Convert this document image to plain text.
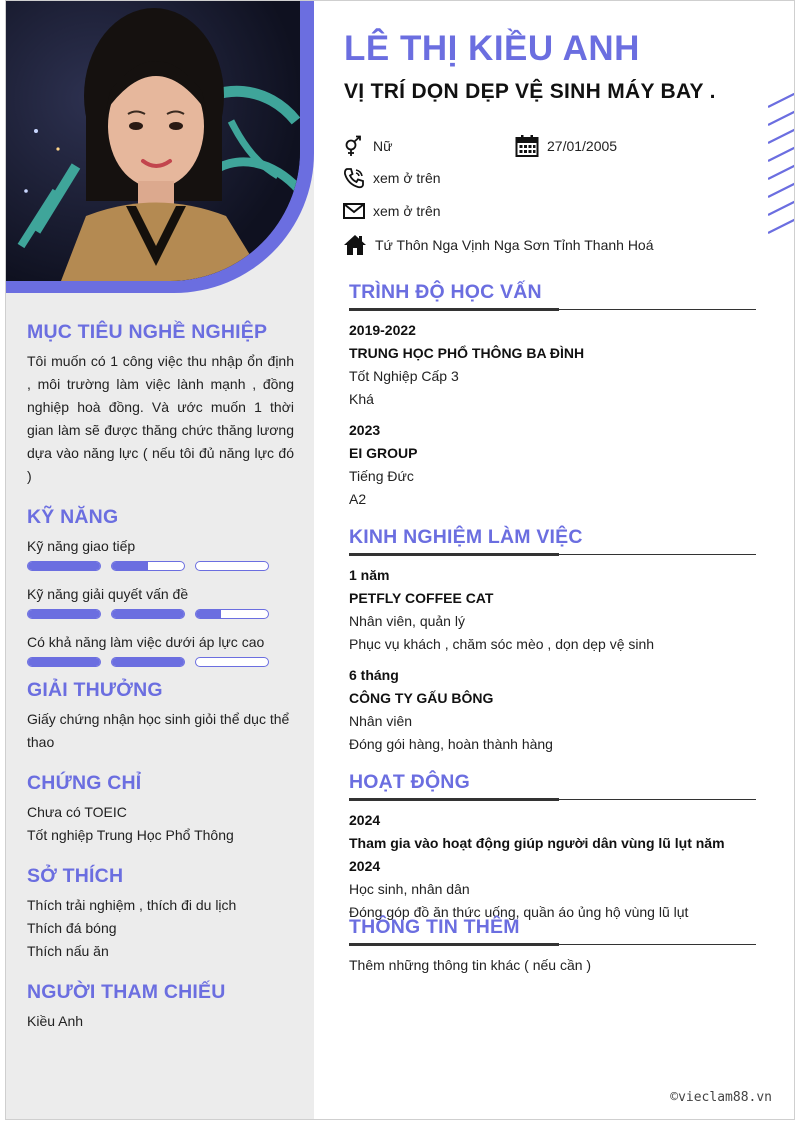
MỤC TIÊU NGHỀ NGHIỆP
Tôi muốn có 1 công việc thu nhập ổn định , môi trường làm việc lành mạnh , đồng nghiệp hoà đồng. Và ước muốn 1 thời gian làm sẽ được thăng chức thăng lương dựa vào năng lực ( nếu tôi đủ năng lực đó )
KỸ NĂNG
Kỹ năng giao tiếp
Kỹ năng giải quyết vấn đề
Có khả năng làm việc dưới áp lực cao
GIẢI THƯỞNG
Giấy chứng nhận học sinh giỏi thể dục thể thao
CHỨNG CHỈ
Chưa có TOEIC
Tốt nghiệp Trung Học Phổ Thông
SỞ THÍCH
Thích trải nghiệm , thích đi du lịch
Thích đá bóng
Thích nấu ăn
NGƯỜI THAM CHIẾU
Kiều Anh
LÊ THỊ KIỀU ANH
VỊ TRÍ DỌN DẸP VỆ SINH MÁY BAY .
Nữ	27/01/2005
xem ở trên
xem ở trên
Tứ Thôn Nga Vịnh Nga Sơn Tỉnh Thanh Hoá
TRÌNH ĐỘ HỌC VẤN
2019-2022
TRUNG HỌC PHỔ THÔNG BA ĐÌNH
Tốt Nghiệp Cấp 3
Khá
2023
EI GROUP
Tiếng Đức
A2
KINH NGHIỆM LÀM VIỆC
1 năm
PETFLY COFFEE CAT
Nhân viên, quản lý
Phục vụ khách , chăm sóc mèo , dọn dẹp vệ sinh
6 tháng
CÔNG TY GẤU BÔNG
Nhân viên
Đóng gói hàng, hoàn thành hàng
HOẠT ĐỘNG
2024
Tham gia vào hoạt động giúp người dân vùng lũ lụt năm 2024
Học sinh, nhân dân
Đóng góp đồ ăn thức uống, quần áo ủng hộ vùng lũ lụt
THÔNG TIN THÊM
Thêm những thông tin khác ( nếu cần )
©vieclam88.vn
